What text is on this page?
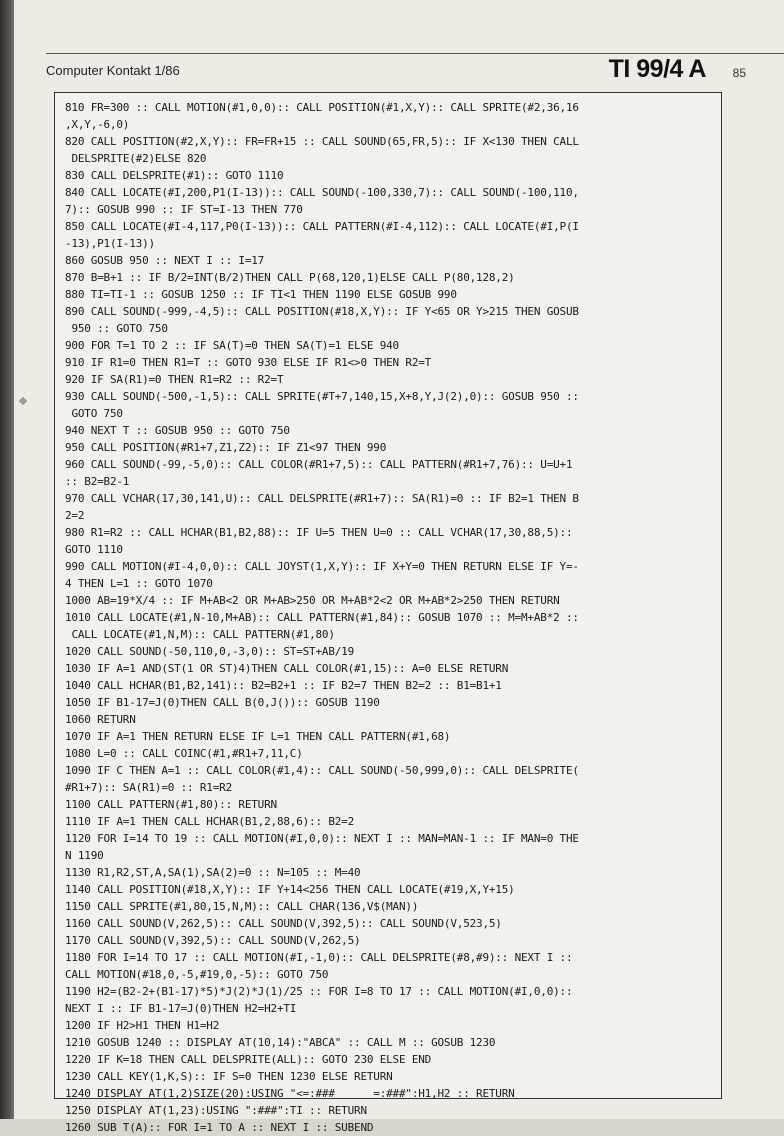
Computer Kontakt 1/86	TI 99/4 A 85
810 FR=300 :: CALL MOTION(#1,0,0):: CALL POSITION(#1,X,Y):: CALL SPRITE(#2,36,16
,X,Y,-6,0)
820 CALL POSITION(#2,X,Y):: FR=FR+15 :: CALL SOUND(65,FR,5):: IF X<130 THEN CALL
DELSPRITE(#2)ELSE 820
830 CALL DELSPRITE(#1):: GOTO 1110
840 CALL LOCATE(#I,200,P1(I-13)):: CALL SOUND(-100,330,7):: CALL SOUND(-100,110,
7):: GOSUB 990 :: IF ST=I-13 THEN 770
850 CALL LOCATE(#I-4,117,P0(I-13)):: CALL PATTERN(#I-4,112):: CALL LOCATE(#I,P(I
-13),P1(I-13))
860 GOSUB 950 :: NEXT I :: I=17
870 B=B+1 :: IF B/2=INT(B/2)THEN CALL P(68,120,1)ELSE CALL P(80,128,2)
880 TI=TI-1 :: GOSUB 1250 :: IF TI<1 THEN 1190 ELSE GOSUB 990
890 CALL SOUND(-999,-4,5):: CALL POSITION(#18,X,Y):: IF Y<65 OR Y>215 THEN GOSUB
950 :: GOTO 750
900 FOR T=1 TO 2 :: IF SA(T)=0 THEN SA(T)=1 ELSE 940
910 IF R1=0 THEN R1=T :: GOTO 930 ELSE IF R1<>0 THEN R2=T
920 IF SA(R1)=0 THEN R1=R2 :: R2=T
930 CALL SOUND(-500,-1,5):: CALL SPRITE(#T+7,140,15,X+8,Y,J(2),0):: GOSUB 950 ::
GOTO 750
940 NEXT T :: GOSUB 950 :: GOTO 750
950 CALL POSITION(#R1+7,Z1,Z2):: IF Z1<97 THEN 990
960 CALL SOUND(-99,-5,0):: CALL COLOR(#R1+7,5):: CALL PATTERN(#R1+7,76):: U=U+1
:: B2=B2-1
970 CALL VCHAR(17,30,141,U):: CALL DELSPRITE(#R1+7):: SA(R1)=0 :: IF B2=1 THEN B
2=2
980 R1=R2 :: CALL HCHAR(B1,B2,88):: IF U=5 THEN U=0 :: CALL VCHAR(17,30,88,5)::
GOTO 1110
990 CALL MOTION(#I-4,0,0):: CALL JOYST(1,X,Y):: IF X+Y=0 THEN RETURN ELSE IF Y=-
4 THEN L=1 :: GOTO 1070
1000 AB=19*X/4 :: IF M+AB<2 OR M+AB>250 OR M+AB*2<2 OR M+AB*2>250 THEN RETURN
1010 CALL LOCATE(#1,N-10,M+AB):: CALL PATTERN(#1,84):: GOSUB 1070 :: M=M+AB*2 ::
CALL LOCATE(#1,N,M):: CALL PATTERN(#1,80)
1020 CALL SOUND(-50,110,0,-3,0):: ST=ST+AB/19
1030 IF A=1 AND(ST(1 OR ST)4)THEN CALL COLOR(#1,15):: A=0 ELSE RETURN
1040 CALL HCHAR(B1,B2,141):: B2=B2+1 :: IF B2=7 THEN B2=2 :: B1=B1+1
1050 IF B1-17=J(0)THEN CALL B(0,J()):: GOSUB 1190
1060 RETURN
1070 IF A=1 THEN RETURN ELSE IF L=1 THEN CALL PATTERN(#1,68)
1080 L=0 :: CALL COINC(#1,#R1+7,11,C)
1090 IF C THEN A=1 :: CALL COLOR(#1,4):: CALL SOUND(-50,999,0):: CALL DELSPRITE(
#R1+7):: SA(R1)=0 :: R1=R2
1100 CALL PATTERN(#1,80):: RETURN
1110 IF A=1 THEN CALL HCHAR(B1,2,88,6):: B2=2
1120 FOR I=14 TO 19 :: CALL MOTION(#I,0,0):: NEXT I :: MAN=MAN-1 :: IF MAN=0 THE
N 1190
1130 R1,R2,ST,A,SA(1),SA(2)=0 :: N=105 :: M=40
1140 CALL POSITION(#18,X,Y):: IF Y+14<256 THEN CALL LOCATE(#19,X,Y+15)
1150 CALL SPRITE(#1,80,15,N,M):: CALL CHAR(136,V$(MAN))
1160 CALL SOUND(V,262,5):: CALL SOUND(V,392,5):: CALL SOUND(V,523,5)
1170 CALL SOUND(V,392,5):: CALL SOUND(V,262,5)
1180 FOR I=14 TO 17 :: CALL MOTION(#I,-1,0):: CALL DELSPRITE(#8,#9):: NEXT I ::
CALL MOTION(#18,0,-5,#19,0,-5):: GOTO 750
1190 H2=(B2-2+(B1-17)*5)*J(2)*J(1)/25 :: FOR I=8 TO 17 :: CALL MOTION(#I,0,0)::
NEXT I :: IF B1-17=J(0)THEN H2=H2+TI
1200 IF H2>H1 THEN H1=H2
1210 GOSUB 1240 :: DISPLAY AT(10,14):"ABCA" :: CALL M :: GOSUB 1230
1220 IF K=18 THEN CALL DELSPRITE(ALL):: GOTO 230 ELSE END
1230 CALL KEY(1,K,S):: IF S=0 THEN 1230 ELSE RETURN
1240 DISPLAY AT(1,2)SIZE(20):USING "<=:###      =:###":H1,H2 :: RETURN
1250 DISPLAY AT(1,23):USING ":###":TI :: RETURN
1260 SUB T(A):: FOR I=1 TO A :: NEXT I :: SUBEND
